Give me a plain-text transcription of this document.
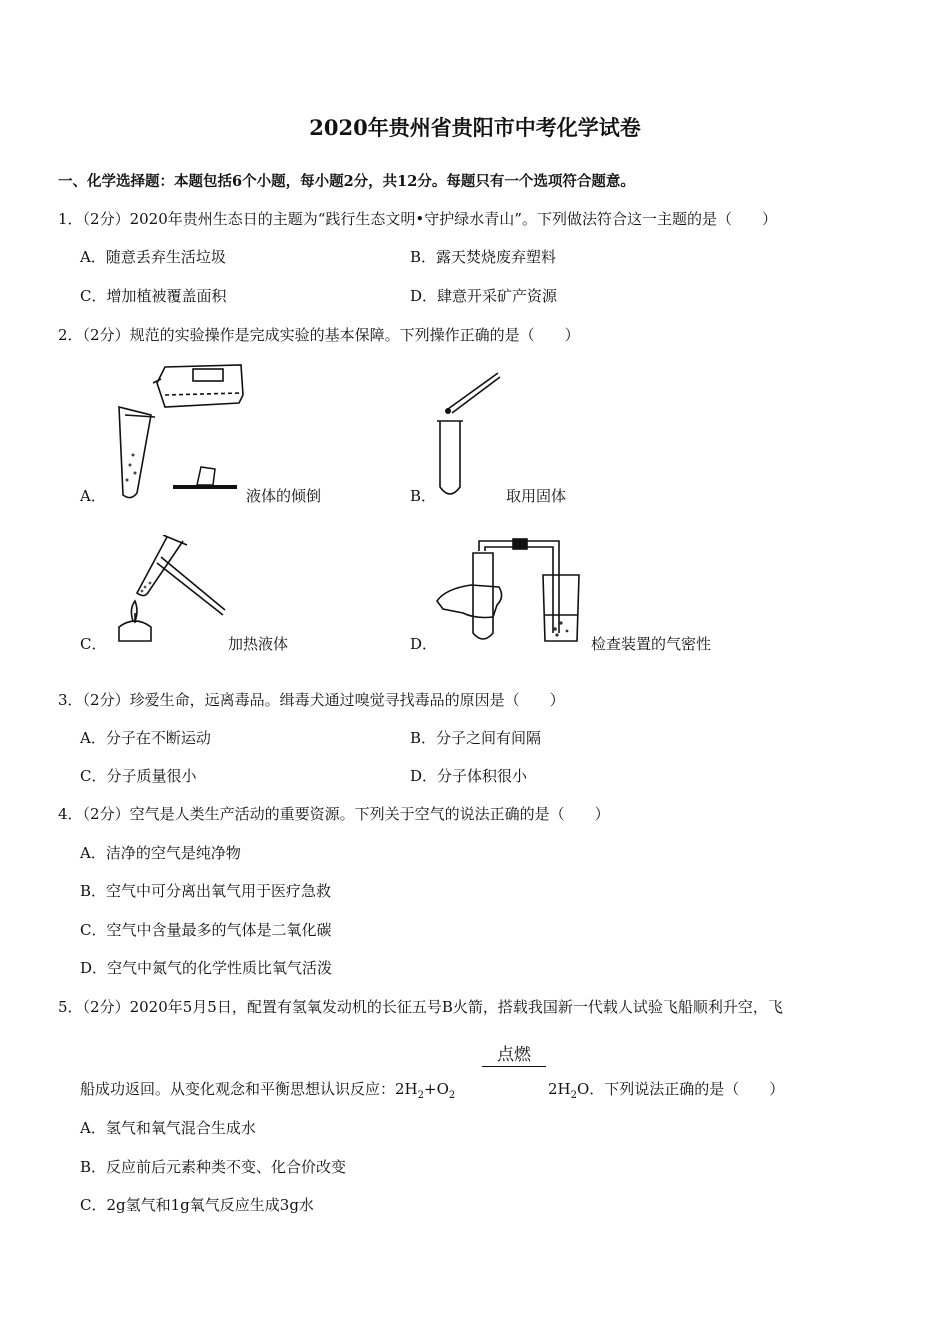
2020年贵州省贵阳市中考化学试卷
一、化学选择题：本题包括6个小题，每小题2分，共12分。每题只有一个选项符合题意。
1．（2分）2020年贵州生态日的主题为“践行生态文明•守护绿水青山”。下列做法符合这一主题的是（　　）
A．随意丢弃生活垃圾	B．露天焚烧废弃塑料
C．增加植被覆盖面积	D．肆意开采矿产资源
2．（2分）规范的实验操作是完成实验的基本保障。下列操作正确的是（　　）
A．	液体的倾倒	B．	取用固体
C．	加热液体	D．	检查装置的气密性
3．（2分）珍爱生命，远离毒品。缉毒犬通过嗅觉寻找毒品的原因是（　　）
A．分子在不断运动	B．分子之间有间隔
C．分子质量很小	D．分子体积很小
4．（2分）空气是人类生产活动的重要资源。下列关于空气的说法正确的是（　　）
A．洁净的空气是纯净物
B．空气中可分离出氧气用于医疗急救
C．空气中含量最多的气体是二氧化碳
D．空气中氮气的化学性质比氧气活泼
5．（2分）2020年5月5日，配置有氢氧发动机的长征五号B火箭，搭载我国新一代载人试验飞船顺利升空，飞
点燃
船成功返回。从变化观念和平衡思想认识反应：$2H_2+O_2$	$2H_2O$．下列说法正确的是（　　）
A．氢气和氧气混合生成水
B．反应前后元素种类不变、化合价改变
C．2g氢气和1g氧气反应生成3g水
